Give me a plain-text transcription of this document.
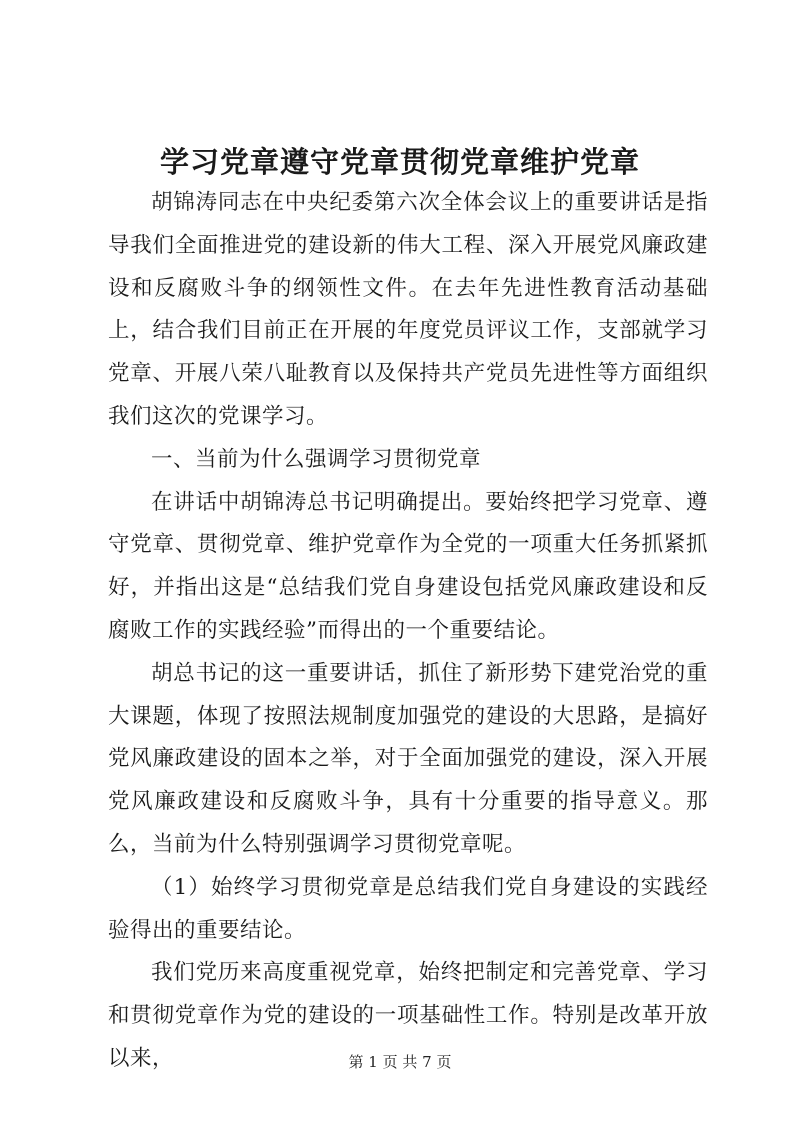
学习党章遵守党章贯彻党章维护党章

胡锦涛同志在中央纪委第六次全体会议上的重要讲话是指导我们全面推进党的建设新的伟大工程、深入开展党风廉政建设和反腐败斗争的纲领性文件。在去年先进性教育活动基础上，结合我们目前正在开展的年度党员评议工作，支部就学习党章、开展八荣八耻教育以及保持共产党员先进性等方面组织我们这次的党课学习。

一、当前为什么强调学习贯彻党章

在讲话中胡锦涛总书记明确提出。要始终把学习党章、遵守党章、贯彻党章、维护党章作为全党的一项重大任务抓紧抓好，并指出这是“总结我们党自身建设包括党风廉政建设和反腐败工作的实践经验”而得出的一个重要结论。

胡总书记的这一重要讲话，抓住了新形势下建党治党的重大课题，体现了按照法规制度加强党的建设的大思路，是搞好党风廉政建设的固本之举，对于全面加强党的建设，深入开展党风廉政建设和反腐败斗争，具有十分重要的指导意义。那么，当前为什么特别强调学习贯彻党章呢。

（1）始终学习贯彻党章是总结我们党自身建设的实践经验得出的重要结论。

我们党历来高度重视党章，始终把制定和完善党章、学习和贯彻党章作为党的建设的一项基础性工作。特别是改革开放以来，	第 1 页 共 7 页
